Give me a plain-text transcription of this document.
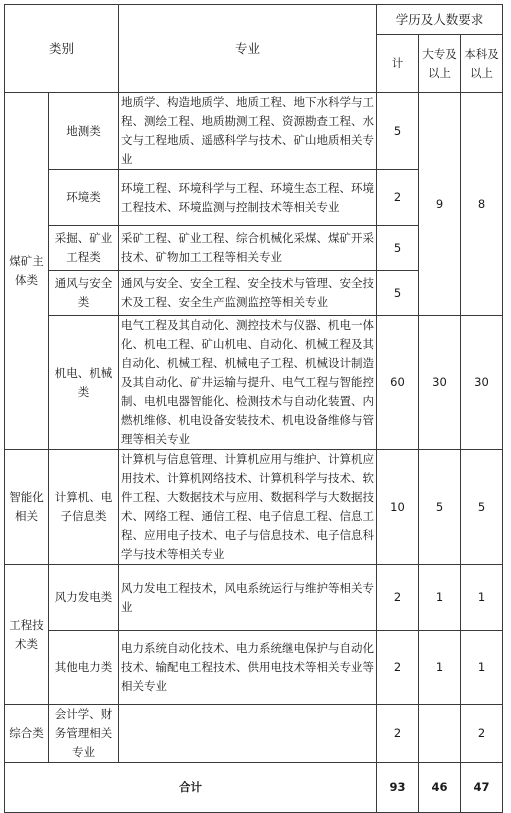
类别		专业	学历及人数要求		
			计	大专及以上	本科及以上
煤矿主体类	地测类	地质学、构造地质学、地质工程、地下水科学与工程、测绘工程、地质勘测工程、资源勘查工程、水文与工程地质、遥感科学与技术、矿山地质相关专业	5	9	8
	环境类	环境工程、环境科学与工程、环境生态工程、环境工程技术、环境监测与控制技术等相关专业	2		
	采掘、矿业工程类	采矿工程、矿业工程、综合机械化采煤、煤矿开采技术、矿物加工工程等相关专业	5		
	通风与安全类	通风与安全、安全工程、安全技术与管理、安全技术及工程、安全生产监测监控等相关专业	5		
	机电、机械类	电气工程及其自动化、测控技术与仪器、机电一体化、机电工程、矿山机电、自动化、机械工程及其自动化、机械工程、机械电子工程、机械设计制造及其自动化、矿井运输与提升、电气工程与智能控制、电机电器智能化、检测技术与自动化装置、内燃机维修、机电设备安装技术、机电设备维修与管理等相关专业	60	30	30
智能化相关	计算机、电子信息类	计算机与信息管理、计算机应用与维护、计算机应用技术、计算机网络技术、计算机科学与技术、软件工程、大数据技术与应用、数据科学与大数据技术、网络工程、通信工程、电子信息工程、信息工程、应用电子技术、电子与信息技术、电子信息科学与技术等相关专业	10	5	5
工程技术类	风力发电类	风力发电工程技术，风电系统运行与维护等相关专业	2	1	1
	其他电力类	电力系统自动化技术、电力系统继电保护与自动化技术、输配电工程技术、供用电技术等相关专业等相关专业	2	1	1
综合类	会计学、财务管理相关专业		2		2
合计			93	46	47
